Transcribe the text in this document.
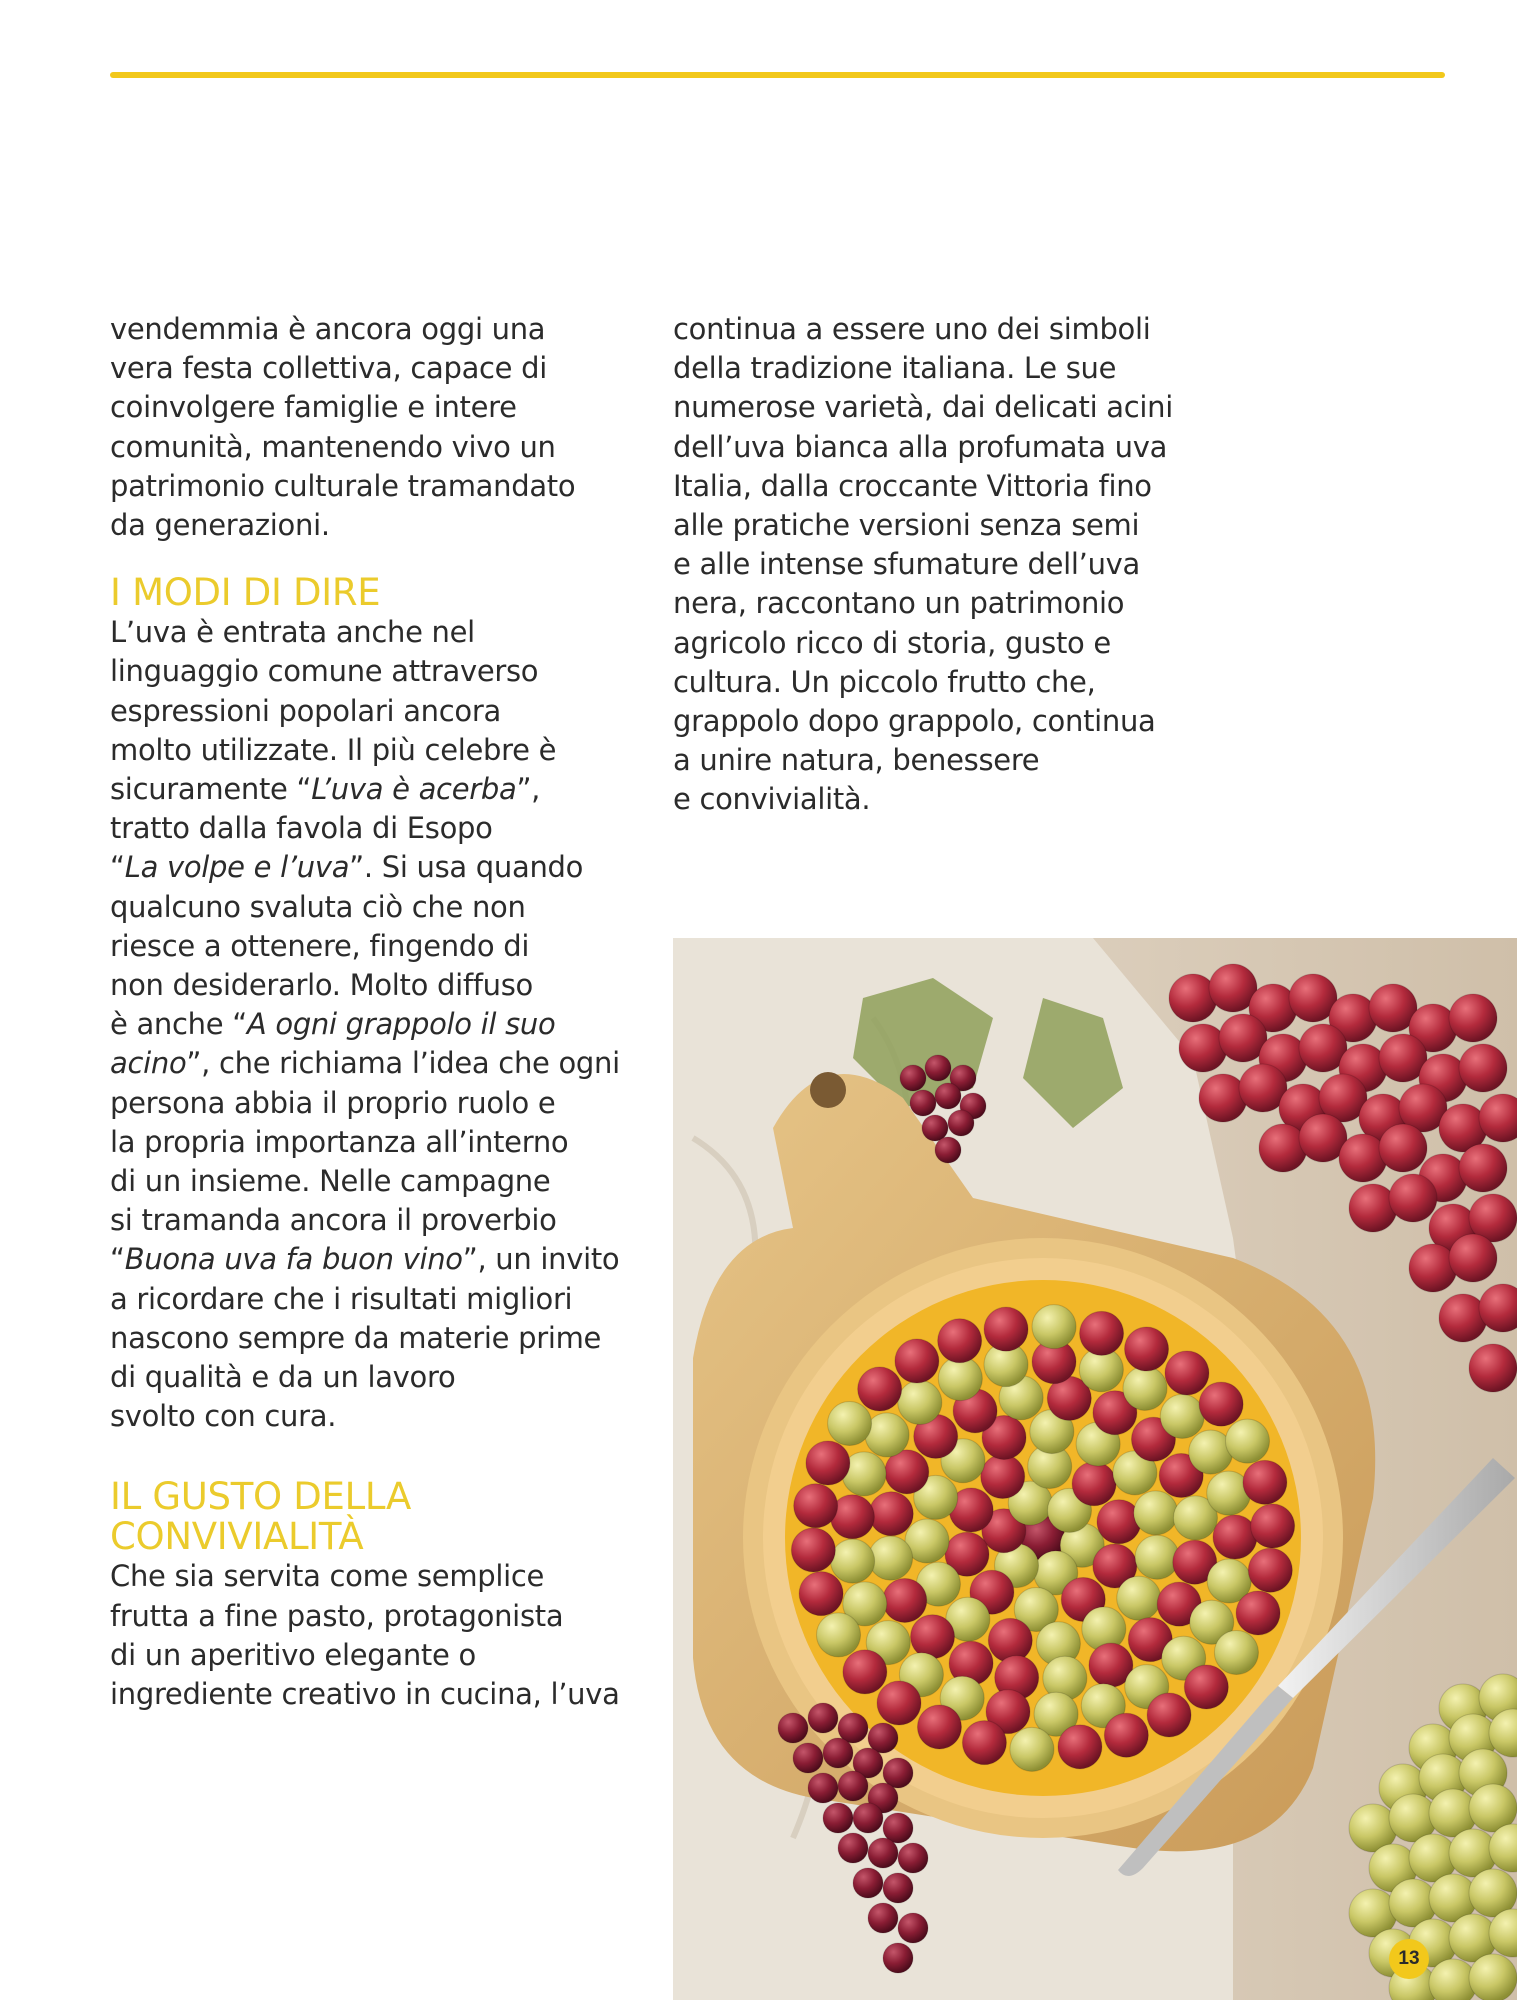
vendemmia è ancora oggi una
vera festa collettiva, capace di
coinvolgere famiglie e intere
comunità, mantenendo vivo un
patrimonio culturale tramandato
da generazioni.
I MODI DI DIRE
L’uva è entrata anche nel
linguaggio comune attraverso
espressioni popolari ancora
molto utilizzate. Il più celebre è
sicuramente “L’uva è acerba”,
tratto dalla favola di Esopo
“La volpe e l’uva”. Si usa quando
qualcuno svaluta ciò che non
riesce a ottenere, fingendo di
non desiderarlo. Molto diffuso
è anche “A ogni grappolo il suo
acino”, che richiama l’idea che ogni
persona abbia il proprio ruolo e
la propria importanza all’interno
di un insieme. Nelle campagne
si tramanda ancora il proverbio
“Buona uva fa buon vino”, un invito
a ricordare che i risultati migliori
nascono sempre da materie prime
di qualità e da un lavoro
svolto con cura.
IL GUSTO DELLA
CONVIVIALITÀ
Che sia servita come semplice
frutta a fine pasto, protagonista
di un aperitivo elegante o
ingrediente creativo in cucina, l’uva
continua a essere uno dei simboli
della tradizione italiana. Le sue
numerose varietà, dai delicati acini
dell’uva bianca alla profumata uva
Italia, dalla croccante Vittoria fino
alle pratiche versioni senza semi
e alle intense sfumature dell’uva
nera, raccontano un patrimonio
agricolo ricco di storia, gusto e
cultura. Un piccolo frutto che,
grappolo dopo grappolo, continua
a unire natura, benessere
e convivialità.
13
